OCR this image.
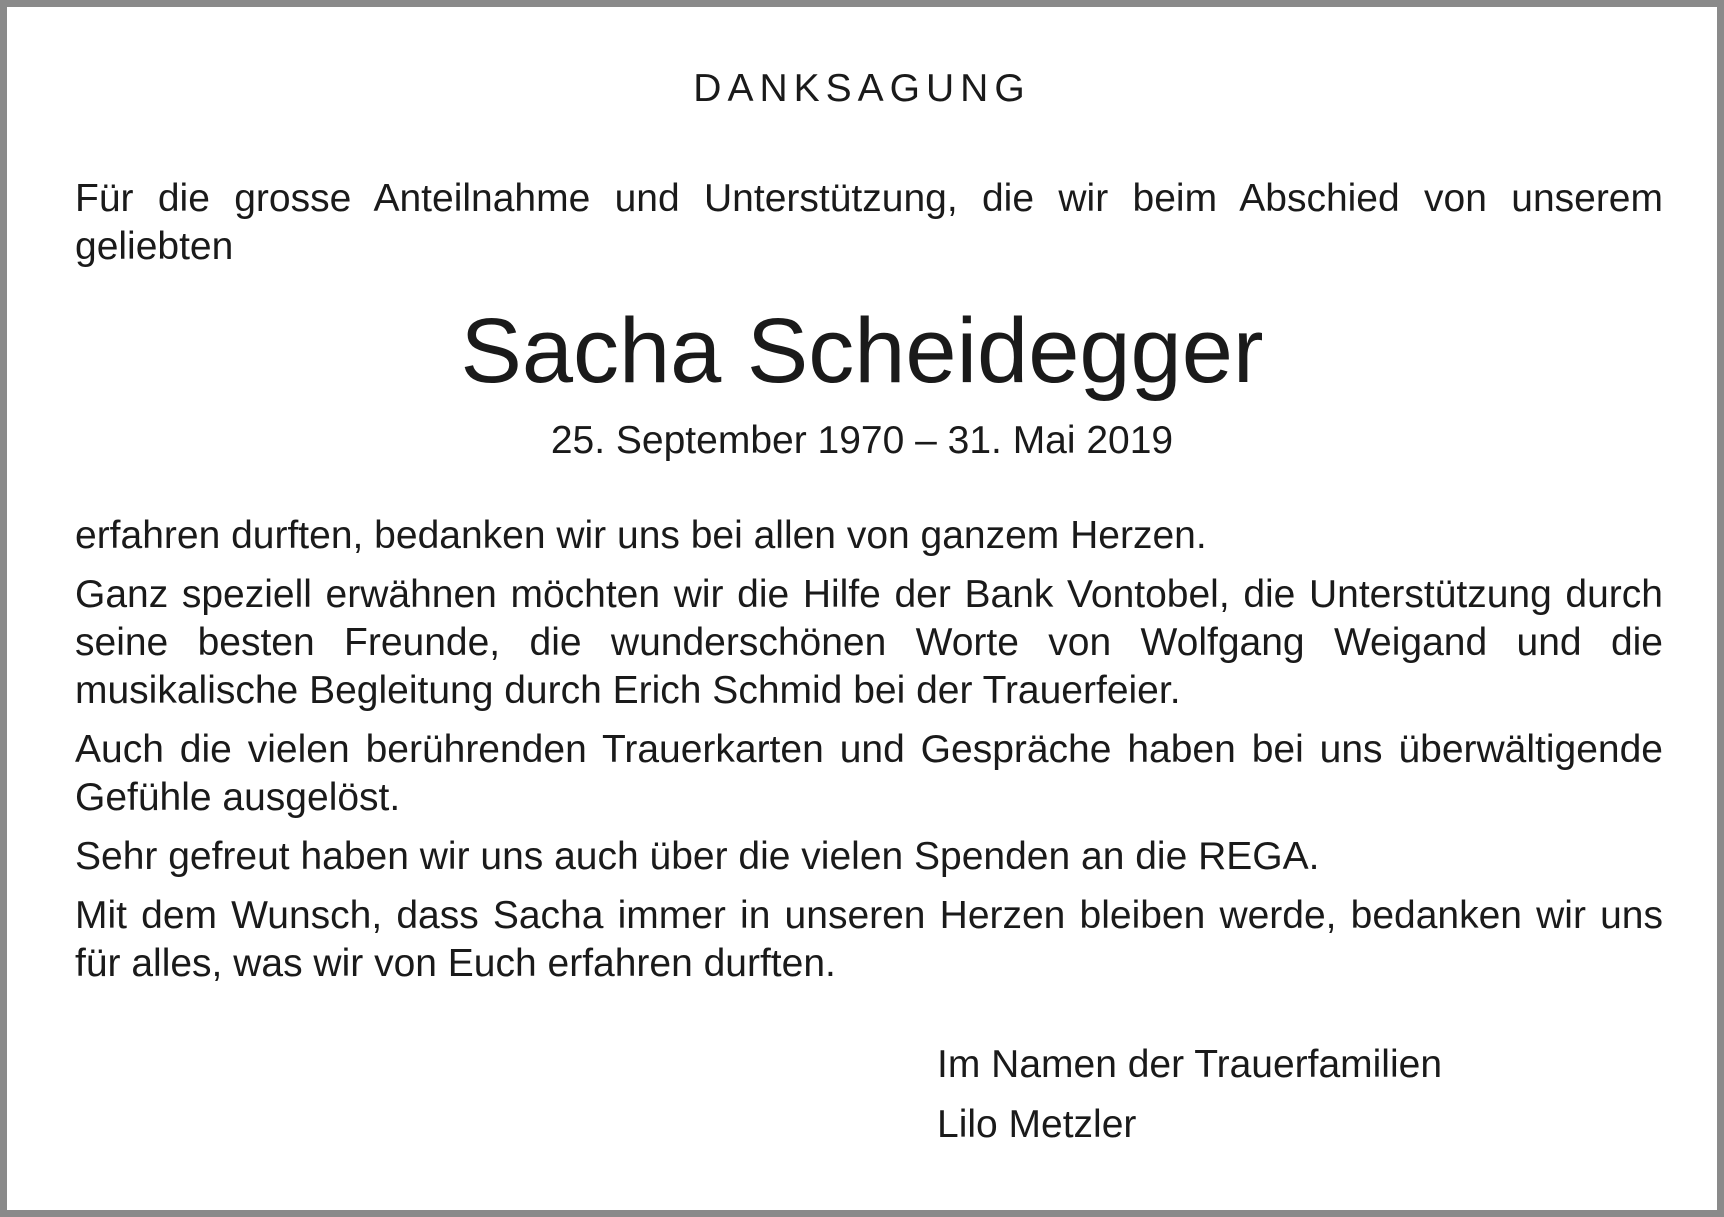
DANKSAGUNG

Für die grosse Anteilnahme und Unterstützung, die wir beim Abschied von unserem geliebten

Sacha Scheidegger
25. September 1970 – 31. Mai 2019

erfahren durften, bedanken wir uns bei allen von ganzem Herzen.

Ganz speziell erwähnen möchten wir die Hilfe der Bank Vontobel, die Unterstützung durch seine besten Freunde, die wunderschönen Worte von Wolfgang Weigand und die musikalische Begleitung durch Erich Schmid bei der Trauerfeier.

Auch die vielen berührenden Trauerkarten und Gespräche haben bei uns überwältigende Gefühle ausgelöst.

Sehr gefreut haben wir uns auch über die vielen Spenden an die REGA.

Mit dem Wunsch, dass Sacha immer in unseren Herzen bleiben werde, bedanken wir uns für alles, was wir von Euch erfahren durften.

Im Namen der Trauerfamilien
Lilo Metzler
